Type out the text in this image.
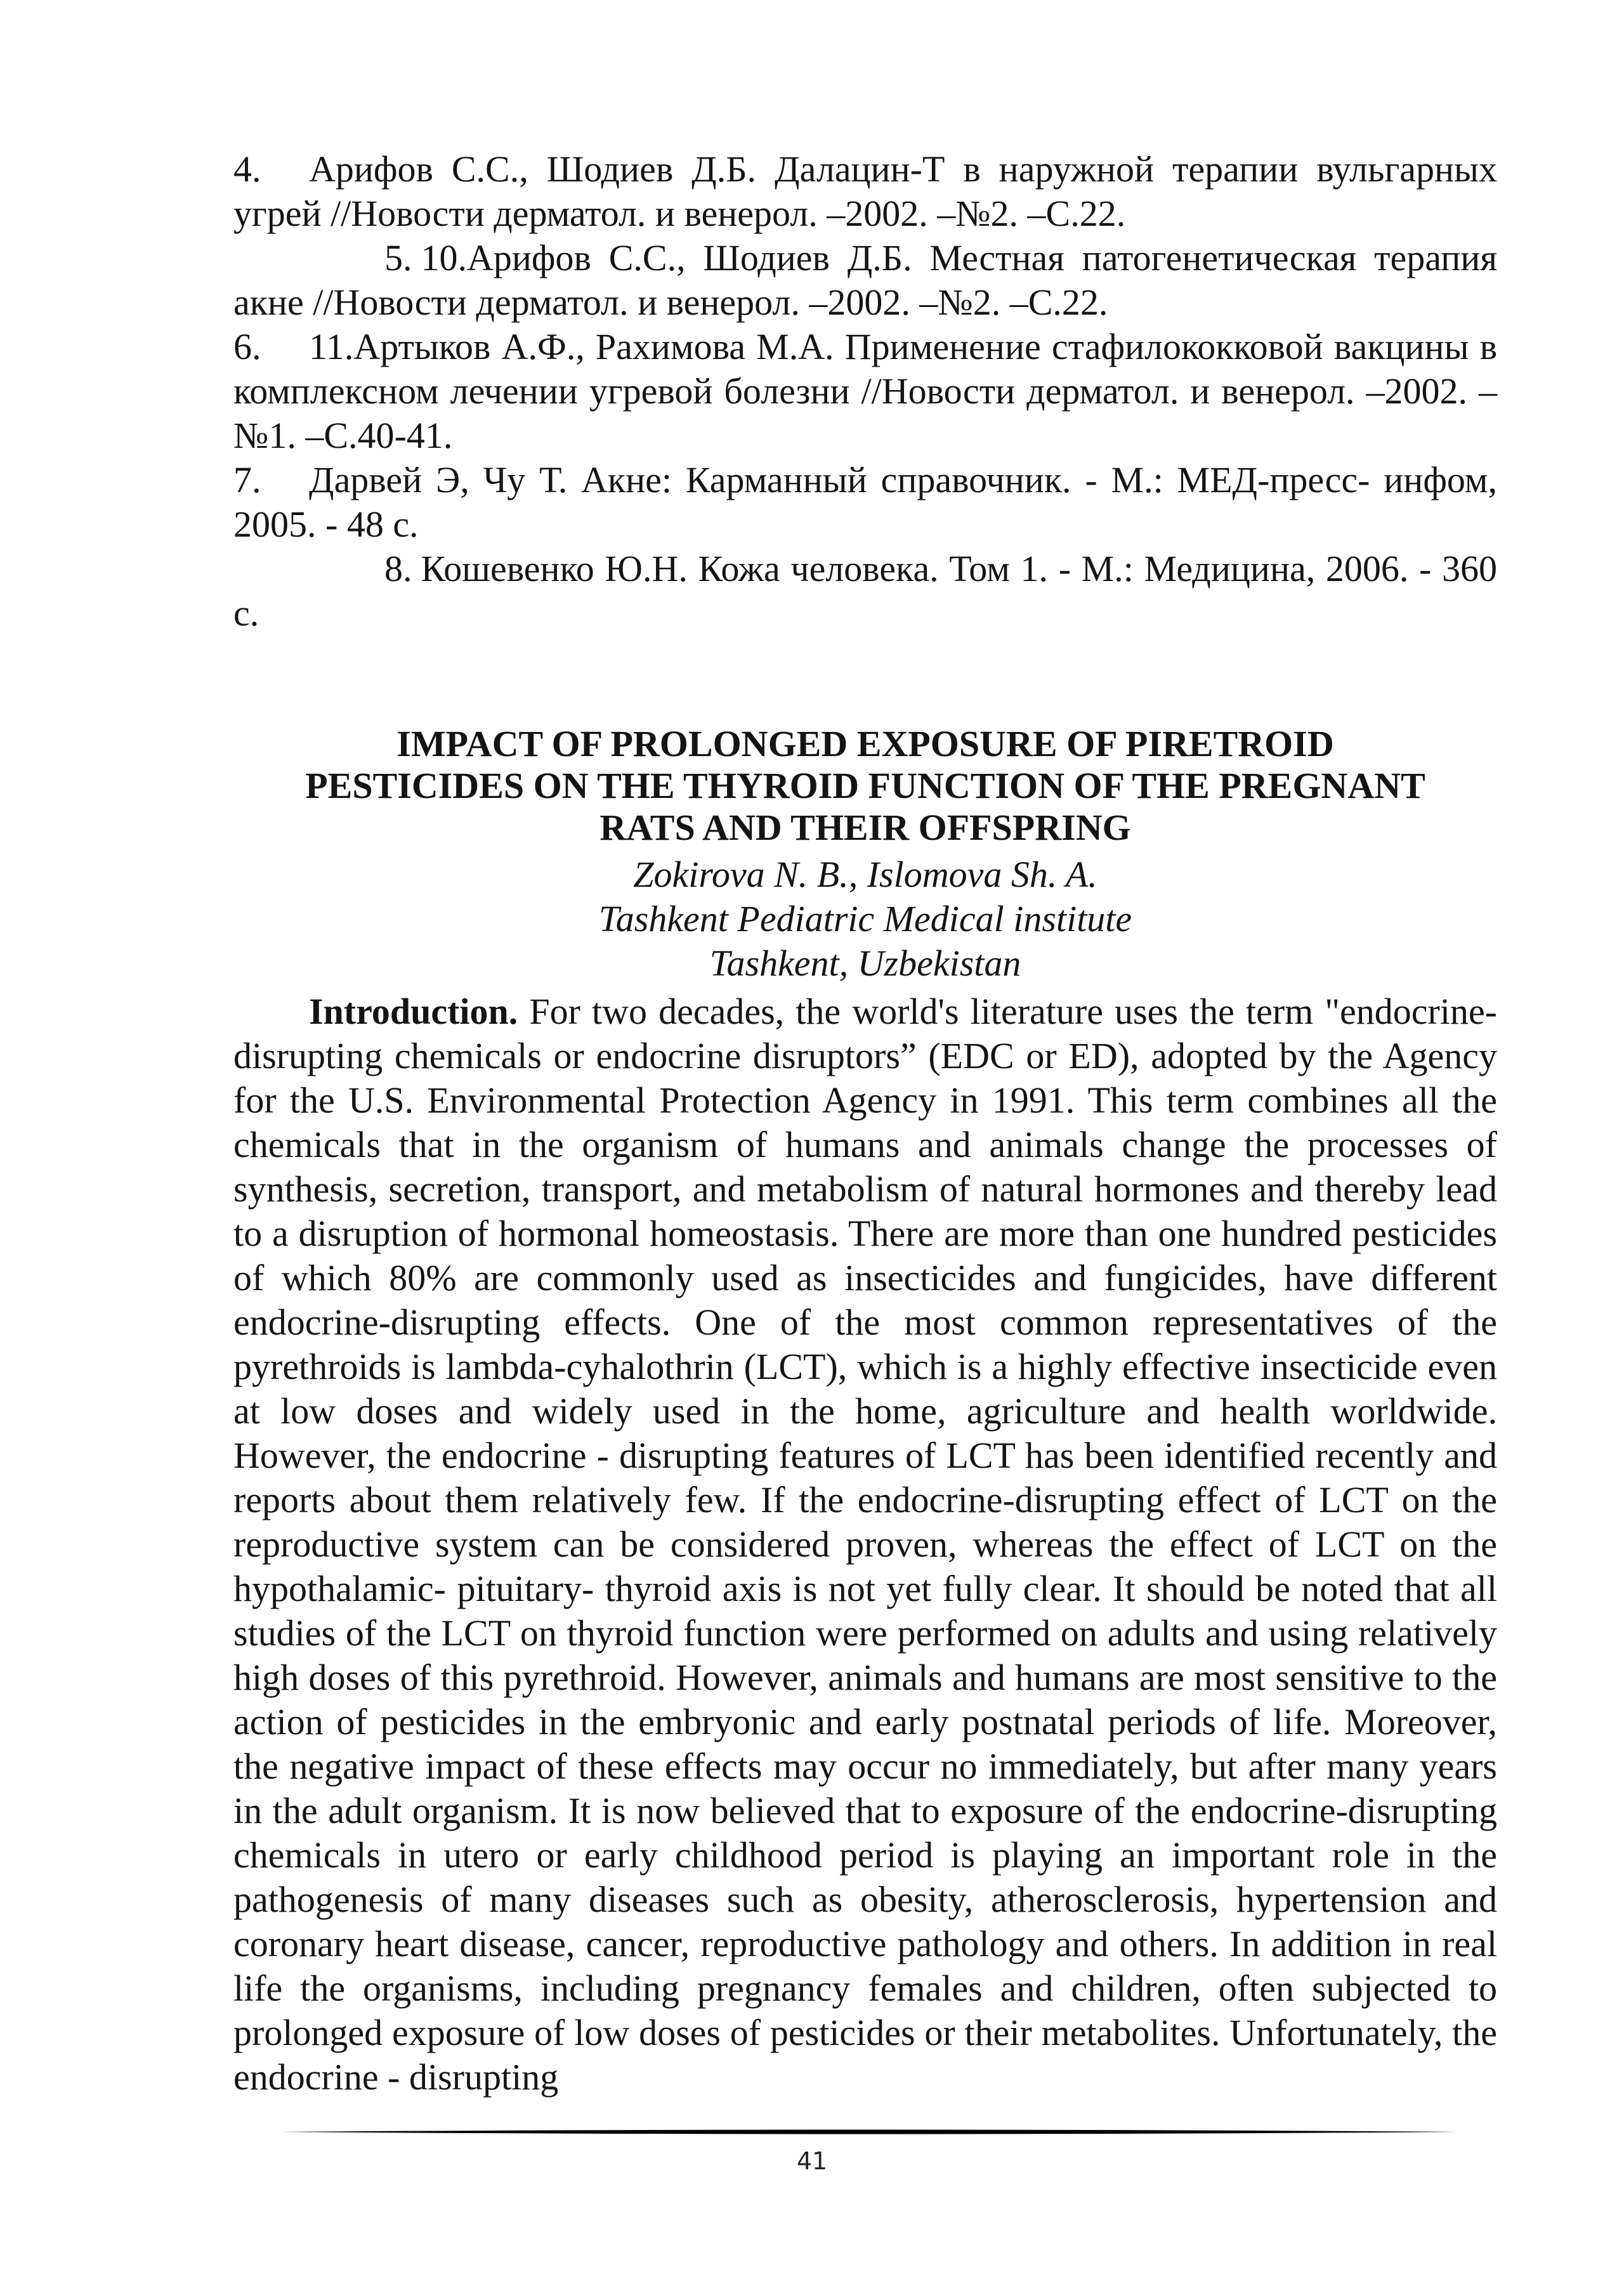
4. Арифов С.С., Шодиев Д.Б. Далацин-Т в наружной терапии вульгарных угрей //Новости дерматол. и венерол. –2002. –№2. –С.22.

5. 10.Арифов С.С., Шодиев Д.Б. Местная патогенетическая терапия акне //Новости дерматол. и венерол. –2002. –№2. –С.22.

6. 11.Артыков А.Ф., Рахимова М.А. Применение стафилококковой вакцины в комплексном лечении угревой болезни //Новости дерматол. и венерол. –2002. –№1. –С.40-41.

7. Дарвей Э, Чу Т. Акне: Карманный справочник. - М.: МЕД-пресс- инфом, 2005. - 48 с.

8. Кошевенко Ю.Н. Кожа человека. Том 1. - М.: Медицина, 2006. - 360 с.

IMPACT OF PROLONGED EXPOSURE OF PIRETROID

PESTICIDES ON THE THYROID FUNCTION OF THE PREGNANT

RATS AND THEIR OFFSPRING

Zokirova N. B., Islomova Sh. A.

Tashkent Pediatric Medical institute

Tashkent, Uzbekistan

Introduction. For two decades, the world's literature uses the term "endocrine-disrupting chemicals or endocrine disruptors” (EDC or ED), adopted by the Agency for the U.S. Environmental Protection Agency in 1991. This term combines all the chemicals that in the organism of humans and animals change the processes of synthesis, secretion, transport, and metabolism of natural hormones and thereby lead to a disruption of hormonal homeostasis. There are more than one hundred pesticides of which 80% are commonly used as insecticides and fungicides, have different endocrine-disrupting effects. One of the most common representatives of the pyrethroids is lambda-cyhalothrin (LCT), which is a highly effective insecticide even at low doses and widely used in the home, agriculture and health worldwide. However, the endocrine - disrupting features of LCT has been identified recently and reports about them relatively few. If the endocrine-disrupting effect of LCT on the reproductive system can be considered proven, whereas the effect of LCT on the hypothalamic- pituitary- thyroid axis is not yet fully clear. It should be noted that all studies of the LCT on thyroid function were performed on adults and using relatively high doses of this pyrethroid. However, animals and humans are most sensitive to the action of pesticides in the embryonic and early postnatal periods of life. Moreover, the negative impact of these effects may occur no immediately, but after many years in the adult organism. It is now believed that to exposure of the endocrine-disrupting chemicals in utero or early childhood period is playing an important role in the pathogenesis of many diseases such as obesity, atherosclerosis, hypertension and coronary heart disease, cancer, reproductive pathology and others. In addition in real life the organisms, including pregnancy females and children, often subjected to prolonged exposure of low doses of pesticides or their metabolites. Unfortunately, the endocrine - disrupting

41
